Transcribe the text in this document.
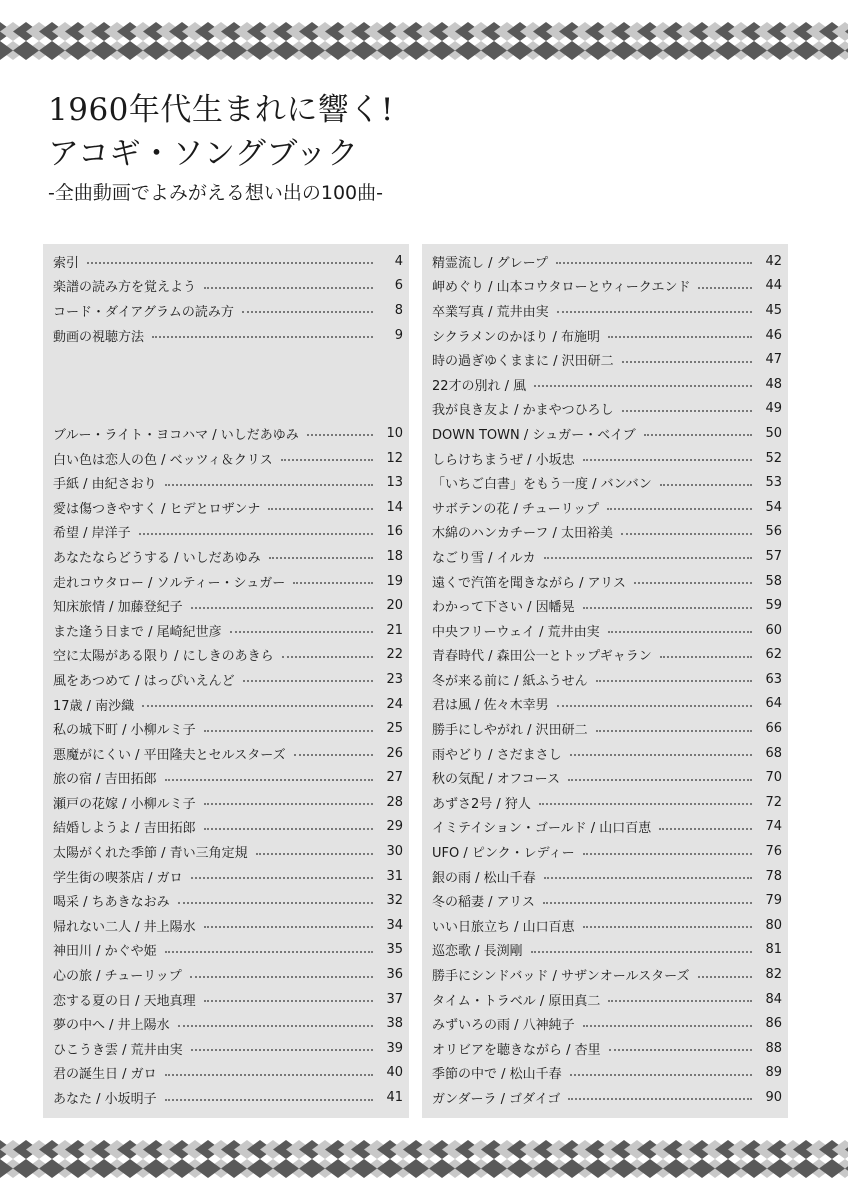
1960年代生まれに響く!
アコギ・ソングブック
-全曲動画でよみがえる想い出の100曲-
索引	4
楽譜の読み方を覚えよう	6
コード・ダイアグラムの読み方	8
動画の視聴方法	9
ブルー・ライト・ヨコハマ / いしだあゆみ	10
白い色は恋人の色 / ベッツィ＆クリス	12
手紙 / 由紀さおり	13
愛は傷つきやすく / ヒデとロザンナ	14
希望 / 岸洋子	16
あなたならどうする / いしだあゆみ	18
走れコウタロー / ソルティー・シュガー	19
知床旅情 / 加藤登紀子	20
また逢う日まで / 尾崎紀世彦	21
空に太陽がある限り / にしきのあきら	22
風をあつめて / はっぴいえんど	23
17歳 / 南沙織	24
私の城下町 / 小柳ルミ子	25
悪魔がにくい / 平田隆夫とセルスターズ	26
旅の宿 / 吉田拓郎	27
瀬戸の花嫁 / 小柳ルミ子	28
結婚しようよ / 吉田拓郎	29
太陽がくれた季節 / 青い三角定規	30
学生街の喫茶店 / ガロ	31
喝采 / ちあきなおみ	32
帰れない二人 / 井上陽水	34
神田川 / かぐや姫	35
心の旅 / チューリップ	36
恋する夏の日 / 天地真理	37
夢の中へ / 井上陽水	38
ひこうき雲 / 荒井由実	39
君の誕生日 / ガロ	40
あなた / 小坂明子	41
精霊流し / グレープ	42
岬めぐり / 山本コウタローとウィークエンド	44
卒業写真 / 荒井由実	45
シクラメンのかほり / 布施明	46
時の過ぎゆくままに / 沢田研二	47
22才の別れ / 風	48
我が良き友よ / かまやつひろし	49
DOWN TOWN / シュガー・ベイブ	50
しらけちまうぜ / 小坂忠	52
「いちご白書」をもう一度 / バンバン	53
サボテンの花 / チューリップ	54
木綿のハンカチーフ / 太田裕美	56
なごり雪 / イルカ	57
遠くで汽笛を聞きながら / アリス	58
わかって下さい / 因幡晃	59
中央フリーウェイ / 荒井由実	60
青春時代 / 森田公一とトップギャラン	62
冬が来る前に / 紙ふうせん	63
君は風 / 佐々木幸男	64
勝手にしやがれ / 沢田研二	66
雨やどり / さだまさし	68
秋の気配 / オフコース	70
あずさ2号 / 狩人	72
イミテイション・ゴールド / 山口百恵	74
UFO / ピンク・レディー	76
銀の雨 / 松山千春	78
冬の稲妻 / アリス	79
いい日旅立ち / 山口百恵	80
巡恋歌 / 長渕剛	81
勝手にシンドバッド / サザンオールスターズ	82
タイム・トラベル / 原田真二	84
みずいろの雨 / 八神純子	86
オリビアを聴きながら / 杏里	88
季節の中で / 松山千春	89
ガンダーラ / ゴダイゴ	90
